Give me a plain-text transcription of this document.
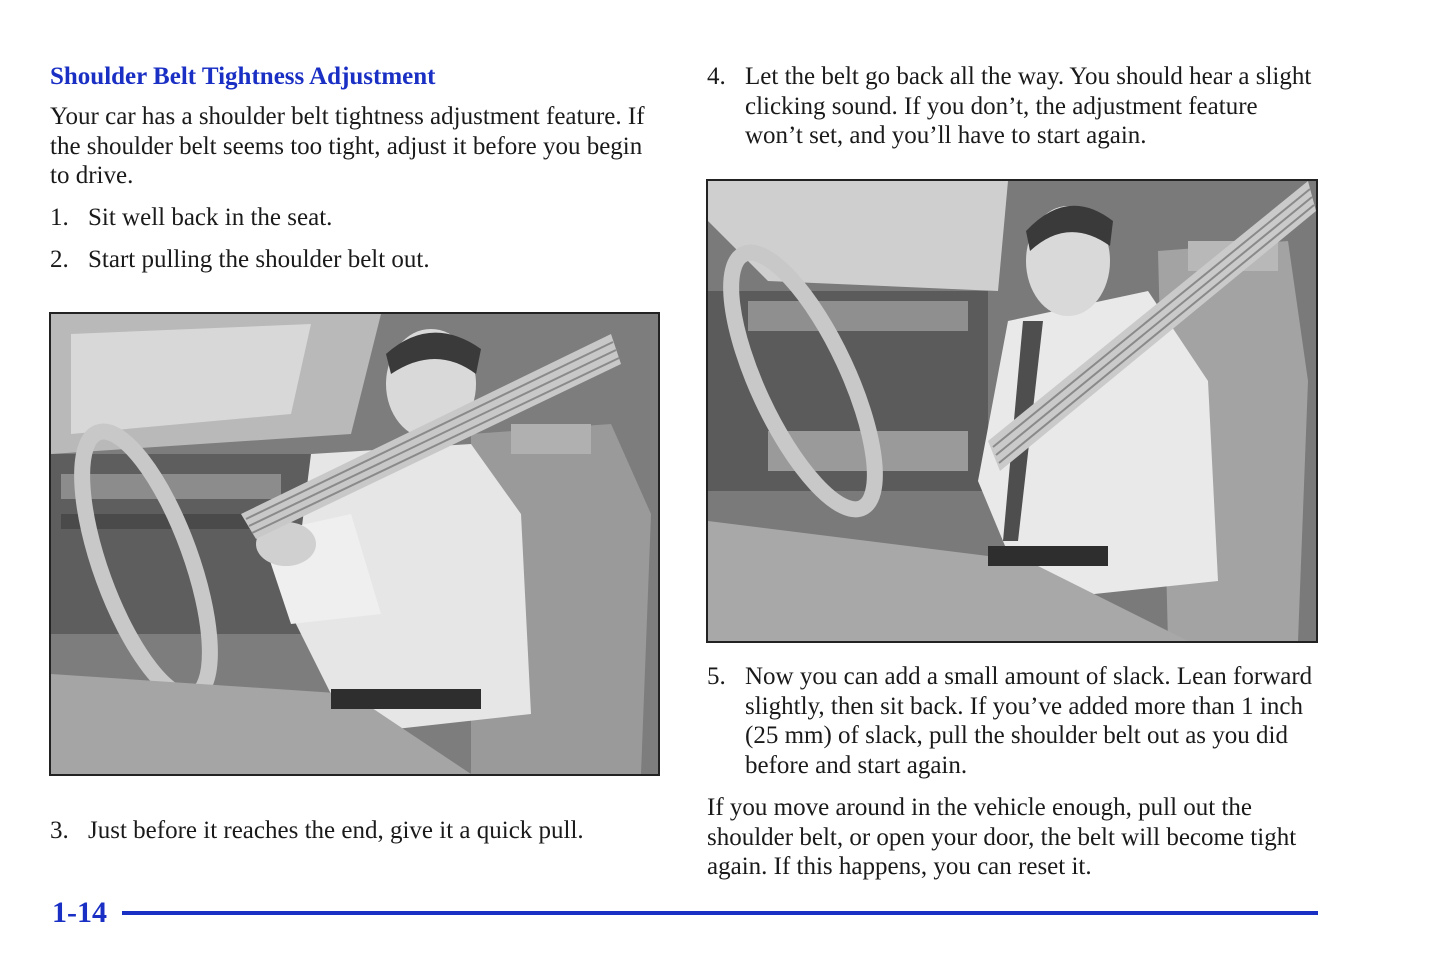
Shoulder Belt Tightness Adjustment

Your car has a shoulder belt tightness adjustment feature. If the shoulder belt seems too tight, adjust it before you begin to drive.

1. Sit well back in the seat.
2. Start pulling the shoulder belt out.
3. Just before it reaches the end, give it a quick pull.
4. Let the belt go back all the way. You should hear a slight clicking sound. If you don’t, the adjustment feature won’t set, and you’ll have to start again.
5. Now you can add a small amount of slack. Lean forward slightly, then sit back. If you’ve added more than 1 inch (25 mm) of slack, pull the shoulder belt out as you did before and start again.

If you move around in the vehicle enough, pull out the shoulder belt, or open your door, the belt will become tight again. If this happens, you can reset it.

1-14
